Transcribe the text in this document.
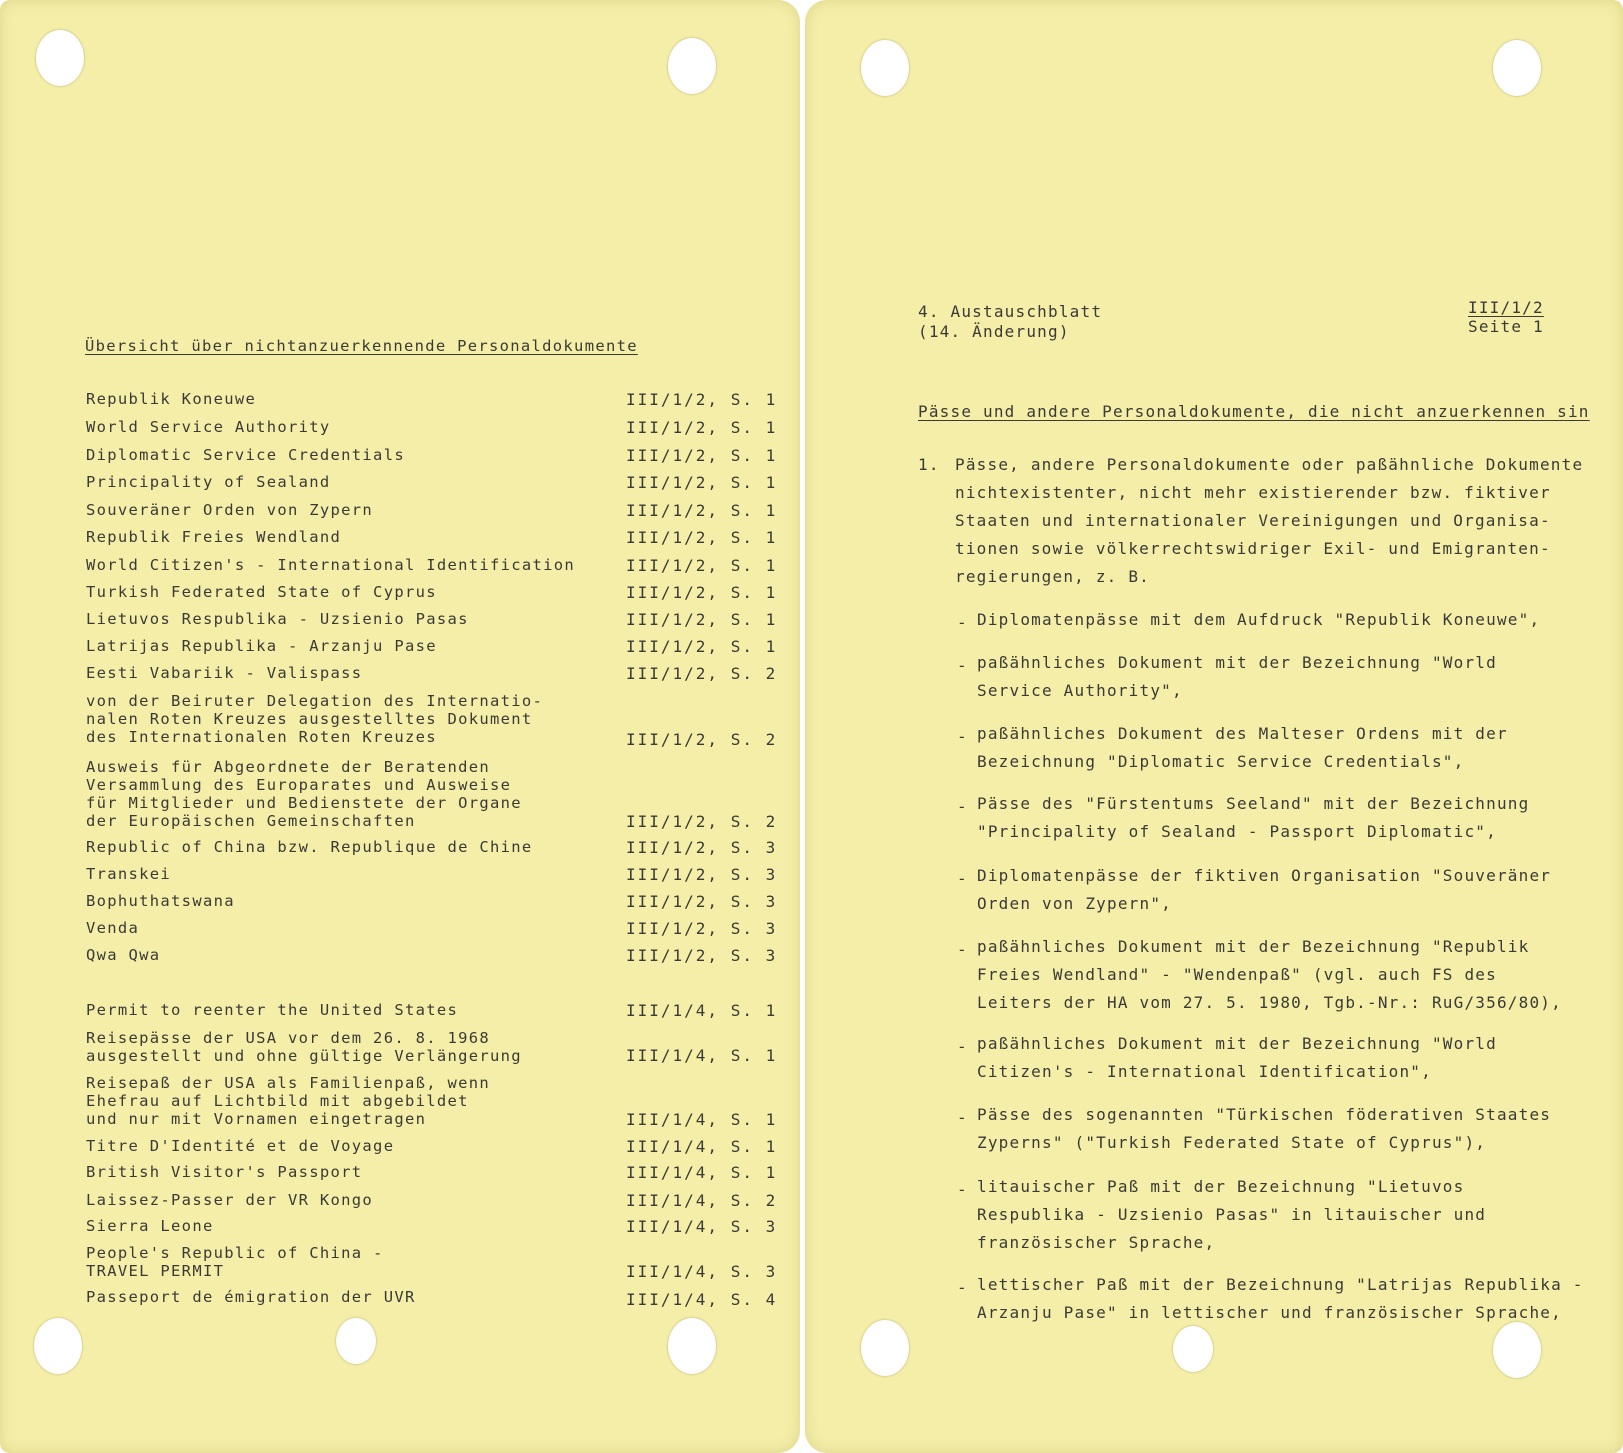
Übersicht über nichtanzuerkennende Personaldokumente
Republik Koneuwe	III/1/2, S. 1
World Service Authority	III/1/2, S. 1
Diplomatic Service Credentials	III/1/2, S. 1
Principality of Sealand	III/1/2, S. 1
Souveräner Orden von Zypern	III/1/2, S. 1
Republik Freies Wendland	III/1/2, S. 1
World Citizen's - International Identification	III/1/2, S. 1
Turkish Federated State of Cyprus	III/1/2, S. 1
Lietuvos Respublika - Uzsienio Pasas	III/1/2, S. 1
Latrijas Republika - Arzanju Pase	III/1/2, S. 1
Eesti Vabariik - Valispass	III/1/2, S. 2
von der Beiruter Delegation des Internatio-
nalen Roten Kreuzes ausgestelltes Dokument
des Internationalen Roten Kreuzes	III/1/2, S. 2
Ausweis für Abgeordnete der Beratenden
Versammlung des Europarates und Ausweise
für Mitglieder und Bedienstete der Organe
der Europäischen Gemeinschaften	III/1/2, S. 2
Republic of China bzw. Republique de Chine	III/1/2, S. 3
Transkei	III/1/2, S. 3
Bophuthatswana	III/1/2, S. 3
Venda	III/1/2, S. 3
Qwa Qwa	III/1/2, S. 3
Permit to reenter the United States	III/1/4, S. 1
Reisepässe der USA vor dem 26. 8. 1968
ausgestellt und ohne gültige Verlängerung	III/1/4, S. 1
Reisepaß der USA als Familienpaß, wenn
Ehefrau auf Lichtbild mit abgebildet
und nur mit Vornamen eingetragen	III/1/4, S. 1
Titre D'Identité et de Voyage	III/1/4, S. 1
British Visitor's Passport	III/1/4, S. 1
Laissez-Passer der VR Kongo	III/1/4, S. 2
Sierra Leone	III/1/4, S. 3
People's Republic of China -
TRAVEL PERMIT	III/1/4, S. 3
Passeport de émigration der UVR	III/1/4, S. 4
4. Austauschblatt
(14. Änderung)
III/1/2
Seite 1
Pässe und andere Personaldokumente, die nicht anzuerkennen sin
1. Pässe, andere Personaldokumente oder paßähnliche Dokumente
nichtexistenter, nicht mehr existierender bzw. fiktiver
Staaten und internationaler Vereinigungen und Organisa-
tionen sowie völkerrechtswidriger Exil- und Emigranten-
regierungen, z. B.
- Diplomatenpässe mit dem Aufdruck "Republik Koneuwe",
- paßähnliches Dokument mit der Bezeichnung "World
Service Authority",
- paßähnliches Dokument des Malteser Ordens mit der
Bezeichnung "Diplomatic Service Credentials",
- Pässe des "Fürstentums Seeland" mit der Bezeichnung
"Principality of Sealand - Passport Diplomatic",
- Diplomatenpässe der fiktiven Organisation "Souveräner
Orden von Zypern",
- paßähnliches Dokument mit der Bezeichnung "Republik
Freies Wendland" - "Wendenpaß" (vgl. auch FS des
Leiters der HA vom 27. 5. 1980, Tgb.-Nr.: RuG/356/80),
- paßähnliches Dokument mit der Bezeichnung "World
Citizen's - International Identification",
- Pässe des sogenannten "Türkischen föderativen Staates
Zyperns" ("Turkish Federated State of Cyprus"),
- litauischer Paß mit der Bezeichnung "Lietuvos
Respublika - Uzsienio Pasas" in litauischer und
französischer Sprache,
- lettischer Paß mit der Bezeichnung "Latrijas Republika -
Arzanju Pase" in lettischer und französischer Sprache,
